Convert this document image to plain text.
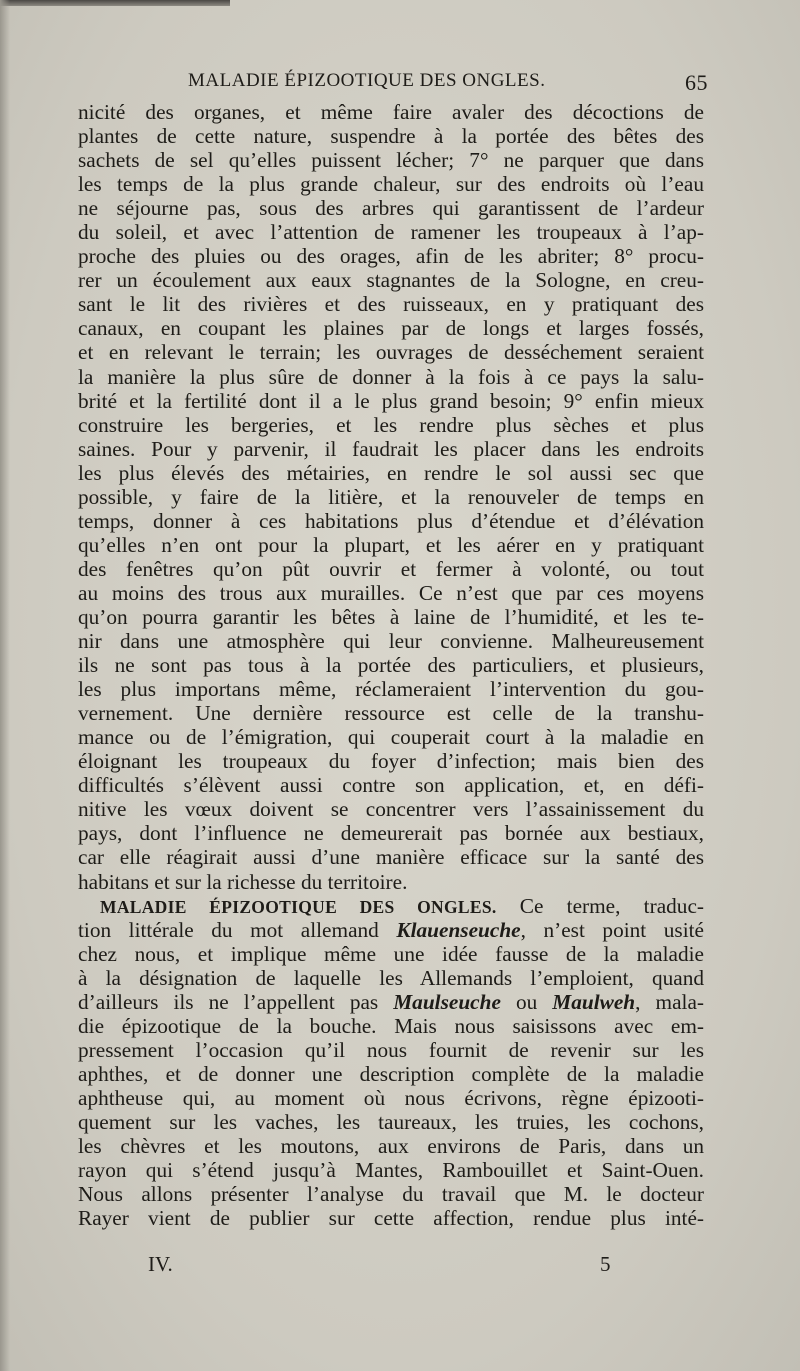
MALADIE ÉPIZOOTIQUE DES ONGLES.	65
nicité des organes, et même faire avaler des décoctions de
plantes de cette nature, suspendre à la portée des bêtes des
sachets de sel qu’elles puissent lécher; 7° ne parquer que dans
les temps de la plus grande chaleur, sur des endroits où l’eau
ne séjourne pas, sous des arbres qui garantissent de l’ardeur
du soleil, et avec l’attention de ramener les troupeaux à l’ap-
proche des pluies ou des orages, afin de les abriter; 8° procu-
rer un écoulement aux eaux stagnantes de la Sologne, en creu-
sant le lit des rivières et des ruisseaux, en y pratiquant des
canaux, en coupant les plaines par de longs et larges fossés,
et en relevant le terrain; les ouvrages de desséchement seraient
la manière la plus sûre de donner à la fois à ce pays la salu-
brité et la fertilité dont il a le plus grand besoin; 9° enfin mieux
construire les bergeries, et les rendre plus sèches et plus
saines. Pour y parvenir, il faudrait les placer dans les endroits
les plus élevés des métairies, en rendre le sol aussi sec que
possible, y faire de la litière, et la renouveler de temps en
temps, donner à ces habitations plus d’étendue et d’élévation
qu’elles n’en ont pour la plupart, et les aérer en y pratiquant
des fenêtres qu’on pût ouvrir et fermer à volonté, ou tout
au moins des trous aux murailles. Ce n’est que par ces moyens
qu’on pourra garantir les bêtes à laine de l’humidité, et les te-
nir dans une atmosphère qui leur convienne. Malheureusement
ils ne sont pas tous à la portée des particuliers, et plusieurs,
les plus importans même, réclameraient l’intervention du gou-
vernement. Une dernière ressource est celle de la transhu-
mance ou de l’émigration, qui couperait court à la maladie en
éloignant les troupeaux du foyer d’infection; mais bien des
difficultés s’élèvent aussi contre son application, et, en défi-
nitive les vœux doivent se concentrer vers l’assainissement du
pays, dont l’influence ne demeurerait pas bornée aux bestiaux,
car elle réagirait aussi d’une manière efficace sur la santé des
habitans et sur la richesse du territoire.
MALADIE ÉPIZOOTIQUE DES ONGLES. Ce terme, traduc-
tion littérale du mot allemand Klauenseuche, n’est point usité
chez nous, et implique même une idée fausse de la maladie
à la désignation de laquelle les Allemands l’emploient, quand
d’ailleurs ils ne l’appellent pas Maulseuche ou Maulweh, mala-
die épizootique de la bouche. Mais nous saisissons avec em-
pressement l’occasion qu’il nous fournit de revenir sur les
aphthes, et de donner une description complète de la maladie
aphtheuse qui, au moment où nous écrivons, règne épizooti-
quement sur les vaches, les taureaux, les truies, les cochons,
les chèvres et les moutons, aux environs de Paris, dans un
rayon qui s’étend jusqu’à Mantes, Rambouillet et Saint-Ouen.
Nous allons présenter l’analyse du travail que M. le docteur
Rayer vient de publier sur cette affection, rendue plus inté-
IV.	5
